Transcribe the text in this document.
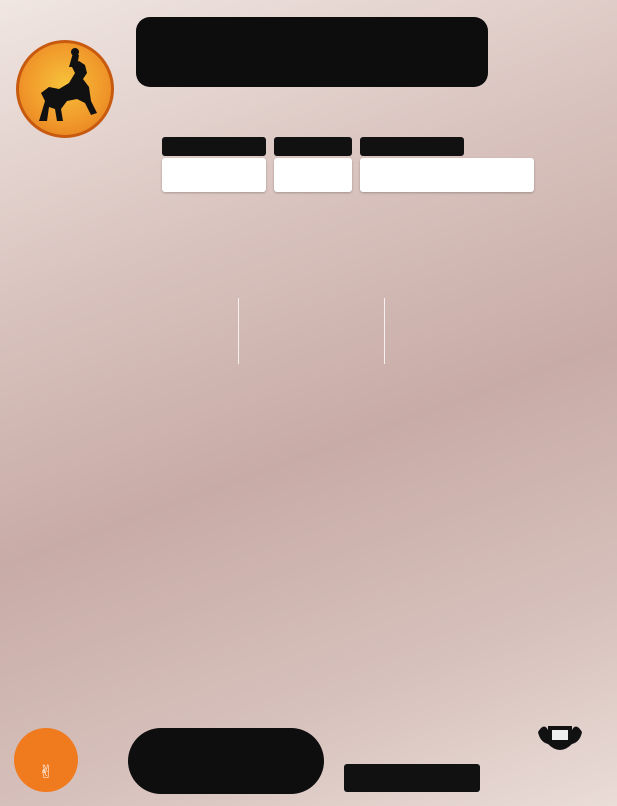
✌
